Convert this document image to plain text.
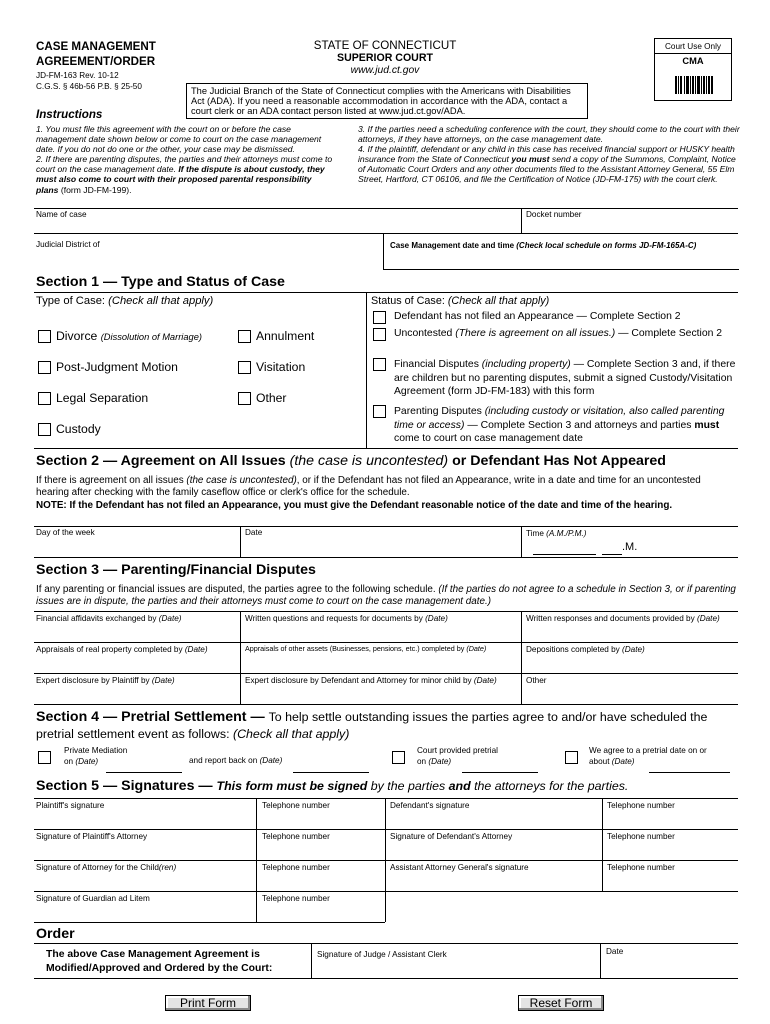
CASE MANAGEMENT
AGREEMENT/ORDER
JD-FM-163 Rev. 10-12
C.G.S. § 46b-56 P.B. § 25-50
STATE OF CONNECTICUT
SUPERIOR COURT
www.jud.ct.gov
Court Use Only
CMA
The Judicial Branch of the State of Connecticut complies with the Americans with Disabilities Act (ADA). If you need a reasonable accommodation in accordance with the ADA, contact a court clerk or an ADA contact person listed at www.jud.ct.gov/ADA.
Instructions
1. You must file this agreement with the court on or before the case management date shown below or come to court on the case management date. If you do not do one or the other, your case may be dismissed.
2. If there are parenting disputes, the parties and their attorneys must come to court on the case management date. If the dispute is about custody, they must also come to court with their proposed parental responsibility plans (form JD-FM-199).
3. If the parties need a scheduling conference with the court, they should come to the court with their attorneys, if they have attorneys, on the case management date.
4. If the plaintiff, defendant or any child in this case has received financial support or HUSKY health insurance from the State of Connecticut you must send a copy of the Summons, Complaint, Notice of Automatic Court Orders and any other documents filed to the Assistant Attorney General, 55 Elm Street, Hartford, CT 06106, and file the Certification of Notice (JD-FM-175) with the court clerk.
Name of case	Docket number
Judicial District of	Case Management date and time (Check local schedule on forms JD-FM-165A-C)
Section 1 — Type and Status of Case
Type of Case: (Check all that apply)
Divorce (Dissolution of Marriage)	Annulment
Post-Judgment Motion	Visitation
Legal Separation	Other
Custody
Status of Case: (Check all that apply)
Defendant has not filed an Appearance — Complete Section 2
Uncontested (There is agreement on all issues.) — Complete Section 2
Financial Disputes (including property) — Complete Section 3 and, if there are children but no parenting disputes, submit a signed Custody/Visitation Agreement (form JD-FM-183) with this form
Parenting Disputes (including custody or visitation, also called parenting time or access) — Complete Section 3 and attorneys and parties must come to court on case management date
Section 2 — Agreement on All Issues (the case is uncontested) or Defendant Has Not Appeared
If there is agreement on all issues (the case is uncontested), or if the Defendant has not filed an Appearance, write in a date and time for an uncontested hearing after checking with the family caseflow office or clerk's office for the schedule.
NOTE: If the Defendant has not filed an Appearance, you must give the Defendant reasonable notice of the date and time of the hearing.
Day of the week	Date	Time (A.M./P.M.)
.M.
Section 3 — Parenting/Financial Disputes
If any parenting or financial issues are disputed, the parties agree to the following schedule. (If the parties do not agree to a schedule in Section 3, or if parenting issues are in dispute, the parties and their attorneys must come to court on the case management date.)
Financial affidavits exchanged by (Date)	Written questions and requests for documents by (Date)	Written responses and documents provided by (Date)
Appraisals of real property completed by (Date)	Appraisals of other assets (Businesses, pensions, etc.) completed by (Date)	Depositions completed by (Date)
Expert disclosure by Plaintiff by (Date)	Expert disclosure by Defendant and Attorney for minor child by (Date)	Other
Section 4 — Pretrial Settlement — To help settle outstanding issues the parties agree to and/or have scheduled the pretrial settlement event as follows: (Check all that apply)
Private Mediation
on (Date)	and report back on (Date)
Court provided pretrial
on (Date)
We agree to a pretrial date on or
about (Date)
Section 5 — Signatures — This form must be signed by the parties and the attorneys for the parties.
Plaintiff's signature	Telephone number	Defendant's signature	Telephone number
Signature of Plaintiff's Attorney	Telephone number	Signature of Defendant's Attorney	Telephone number
Signature of Attorney for the Child(ren)	Telephone number	Assistant Attorney General's signature	Telephone number
Signature of Guardian ad Litem	Telephone number
Order
The above Case Management Agreement is
Modified/Approved and Ordered by the Court:
Signature of Judge / Assistant Clerk	Date
Print Form	Reset Form
